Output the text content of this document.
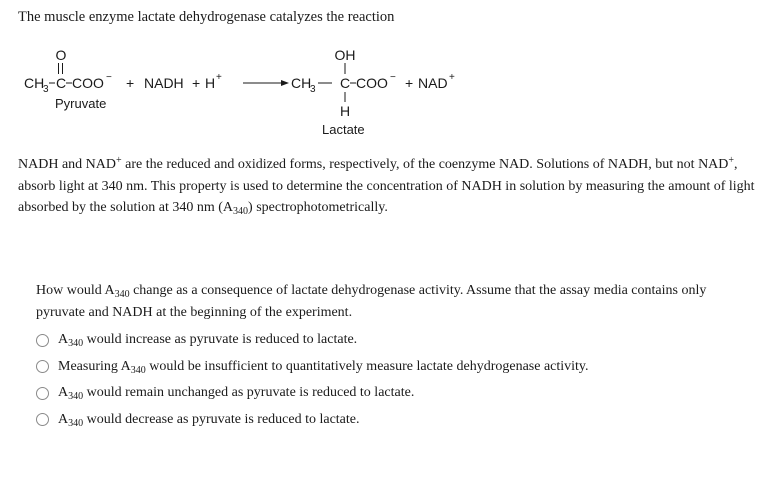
The muscle enzyme lactate dehydrogenase catalyzes the reaction

O
CH
3 C COO −
Pyruvate
+ NADH + H +
OH
CH
3 C COO −
H
Lactate
+ NAD +

NADH and NAD+ are the reduced and oxidized forms, respectively, of the coenzyme NAD. Solutions of NADH, but not NAD+, absorb light at 340 nm. This property is used to determine the concentration of NADH in solution by measuring the amount of light absorbed by the solution at 340 nm $(A_{340})$ spectrophotometrically.

How would $A_{340}$ change as a consequence of lactate dehydrogenase activity. Assume that the assay media contains only pyruvate and NADH at the beginning of the experiment.

$A_{340}$ would increase as pyruvate is reduced to lactate.
Measuring $A_{340}$ would be insufficient to quantitatively measure lactate dehydrogenase activity.
$A_{340}$ would remain unchanged as pyruvate is reduced to lactate.
$A_{340}$ would decrease as pyruvate is reduced to lactate.
